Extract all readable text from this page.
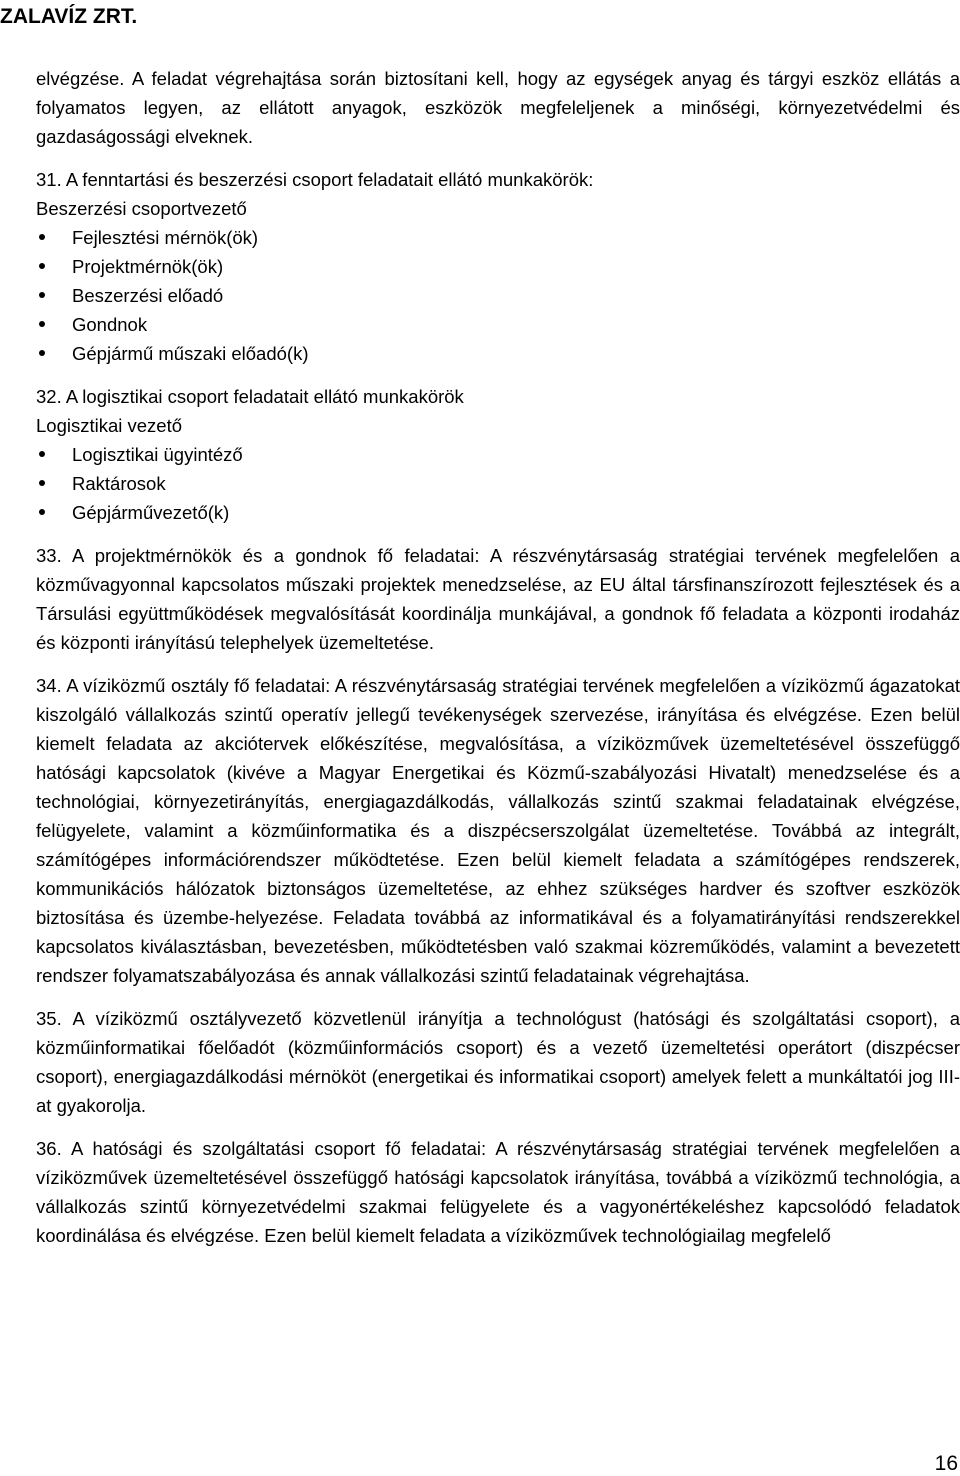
ZALAVÍZ ZRT.

elvégzése. A feladat végrehajtása során biztosítani kell, hogy az egységek anyag és tárgyi eszköz ellátás a folyamatos legyen, az ellátott anyagok, eszközök megfeleljenek a minőségi, környezetvédelmi és gazdaságossági elveknek.

31. A fenntartási és beszerzési csoport feladatait ellátó munkakörök:

Beszerzési csoportvezető

Fejlesztési mérnök(ök)
Projektmérnök(ök)
Beszerzési előadó
Gondnok
Gépjármű műszaki előadó(k)

32. A logisztikai csoport feladatait ellátó munkakörök

Logisztikai vezető

Logisztikai ügyintéző
Raktárosok
Gépjárművezető(k)

33. A projektmérnökök és a gondnok fő feladatai: A részvénytársaság stratégiai tervének megfelelően a közművagyonnal kapcsolatos műszaki projektek menedzselése, az EU által társfinanszírozott fejlesztések és a Társulási együttműködések megvalósítását koordinálja munkájával, a gondnok fő feladata a központi irodaház és központi irányítású telephelyek üzemeltetése.

34. A víziközmű osztály fő feladatai: A részvénytársaság stratégiai tervének megfelelően a víziközmű ágazatokat kiszolgáló vállalkozás szintű operatív jellegű tevékenységek szervezése, irányítása és elvégzése. Ezen belül kiemelt feladata az akciótervek előkészítése, megvalósítása, a víziközművek üzemeltetésével összefüggő hatósági kapcsolatok (kivéve a Magyar Energetikai és Közmű-szabályozási Hivatalt) menedzselése és a technológiai, környezetirányítás, energiagazdálkodás, vállalkozás szintű szakmai feladatainak elvégzése, felügyelete, valamint a közműinformatika és a diszpécserszolgálat üzemeltetése. Továbbá az integrált, számítógépes információrendszer működtetése. Ezen belül kiemelt feladata a számítógépes rendszerek, kommunikációs hálózatok biztonságos üzemeltetése, az ehhez szükséges hardver és szoftver eszközök biztosítása és üzembe-helyezése. Feladata továbbá az informatikával és a folyamatirányítási rendszerekkel kapcsolatos kiválasztásban, bevezetésben, működtetésben való szakmai közreműködés, valamint a bevezetett rendszer folyamatszabályozása és annak vállalkozási szintű feladatainak végrehajtása.

35. A víziközmű osztályvezető közvetlenül irányítja a technológust (hatósági és szolgáltatási csoport), a közműinformatikai főelőadót (közműinformációs csoport) és a vezető üzemeltetési operátort (diszpécser csoport), energiagazdálkodási mérnököt (energetikai és informatikai csoport) amelyek felett a munkáltatói jog III-at gyakorolja.

36. A hatósági és szolgáltatási csoport fő feladatai: A részvénytársaság stratégiai tervének megfelelően a víziközművek üzemeltetésével összefüggő hatósági kapcsolatok irányítása, továbbá a víziközmű technológia, a vállalkozás szintű környezetvédelmi szakmai felügyelete és a vagyonértékeléshez kapcsolódó feladatok koordinálása és elvégzése. Ezen belül kiemelt feladata a víziközművek technológiailag megfelelő

16
